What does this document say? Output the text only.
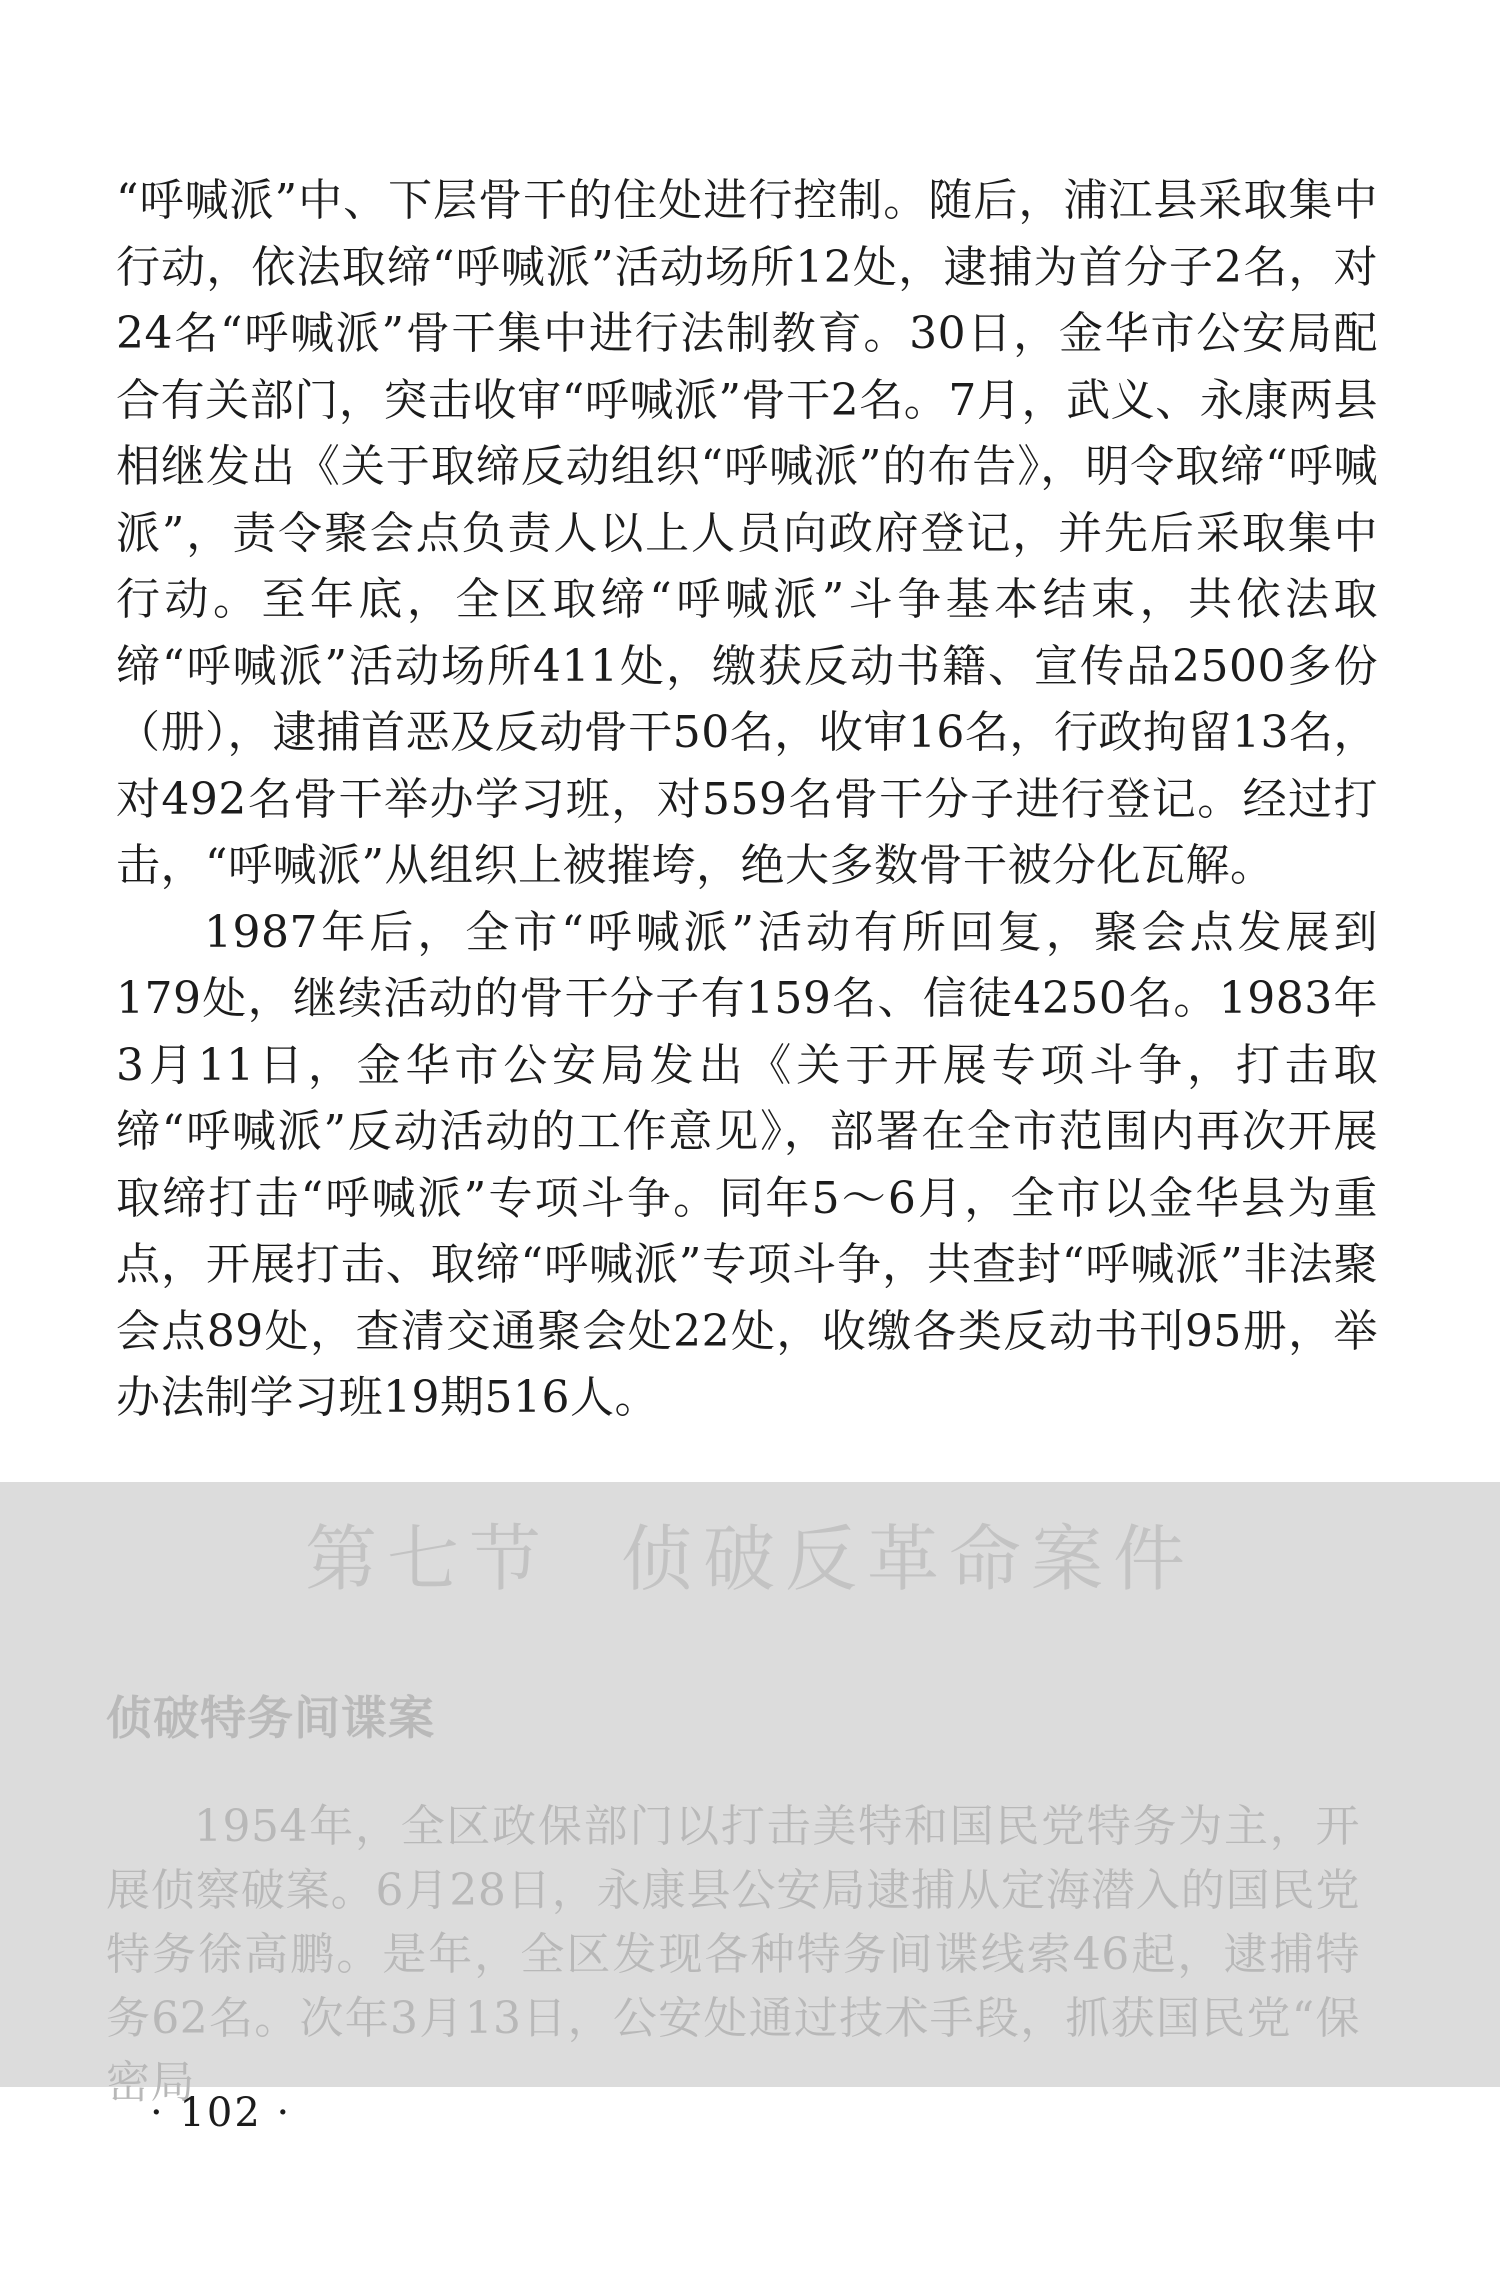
“呼喊派”中、下层骨干的住处进行控制。随后，浦江县采取集中行动，依法取缔“呼喊派”活动场所12处，逮捕为首分子2名，对24名“呼喊派”骨干集中进行法制教育。30日，金华市公安局配合有关部门，突击收审“呼喊派”骨干2名。7月，武义、永康两县相继发出《关于取缔反动组织“呼喊派”的布告》，明令取缔“呼喊派”，责令聚会点负责人以上人员向政府登记，并先后采取集中行动。至年底，全区取缔“呼喊派”斗争基本结束，共依法取缔“呼喊派”活动场所411处，缴获反动书籍、宣传品2500多份（册），逮捕首恶及反动骨干50名，收审16名，行政拘留13名，对492名骨干举办学习班，对559名骨干分子进行登记。经过打击，“呼喊派”从组织上被摧垮，绝大多数骨干被分化瓦解。

1987年后，全市“呼喊派”活动有所回复，聚会点发展到179处，继续活动的骨干分子有159名、信徒4250名。1983年3月11日，金华市公安局发出《关于开展专项斗争，打击取缔“呼喊派”反动活动的工作意见》，部署在全市范围内再次开展取缔打击“呼喊派”专项斗争。同年5～6月，全市以金华县为重点，开展打击、取缔“呼喊派”专项斗争，共查封“呼喊派”非法聚会点89处，查清交通聚会处22处，收缴各类反动书刊95册，举办法制学习班19期516人。

第七节 侦破反革命案件
侦破特务间谍案

1954年，全区政保部门以打击美特和国民党特务为主，开展侦察破案。6月28日，永康县公安局逮捕从定海潜入的国民党特务徐高鹏。是年，全区发现各种特务间谍线索46起，逮捕特务62名。次年3月13日，公安处通过技术手段，抓获国民党“保密局

· 102 ·
